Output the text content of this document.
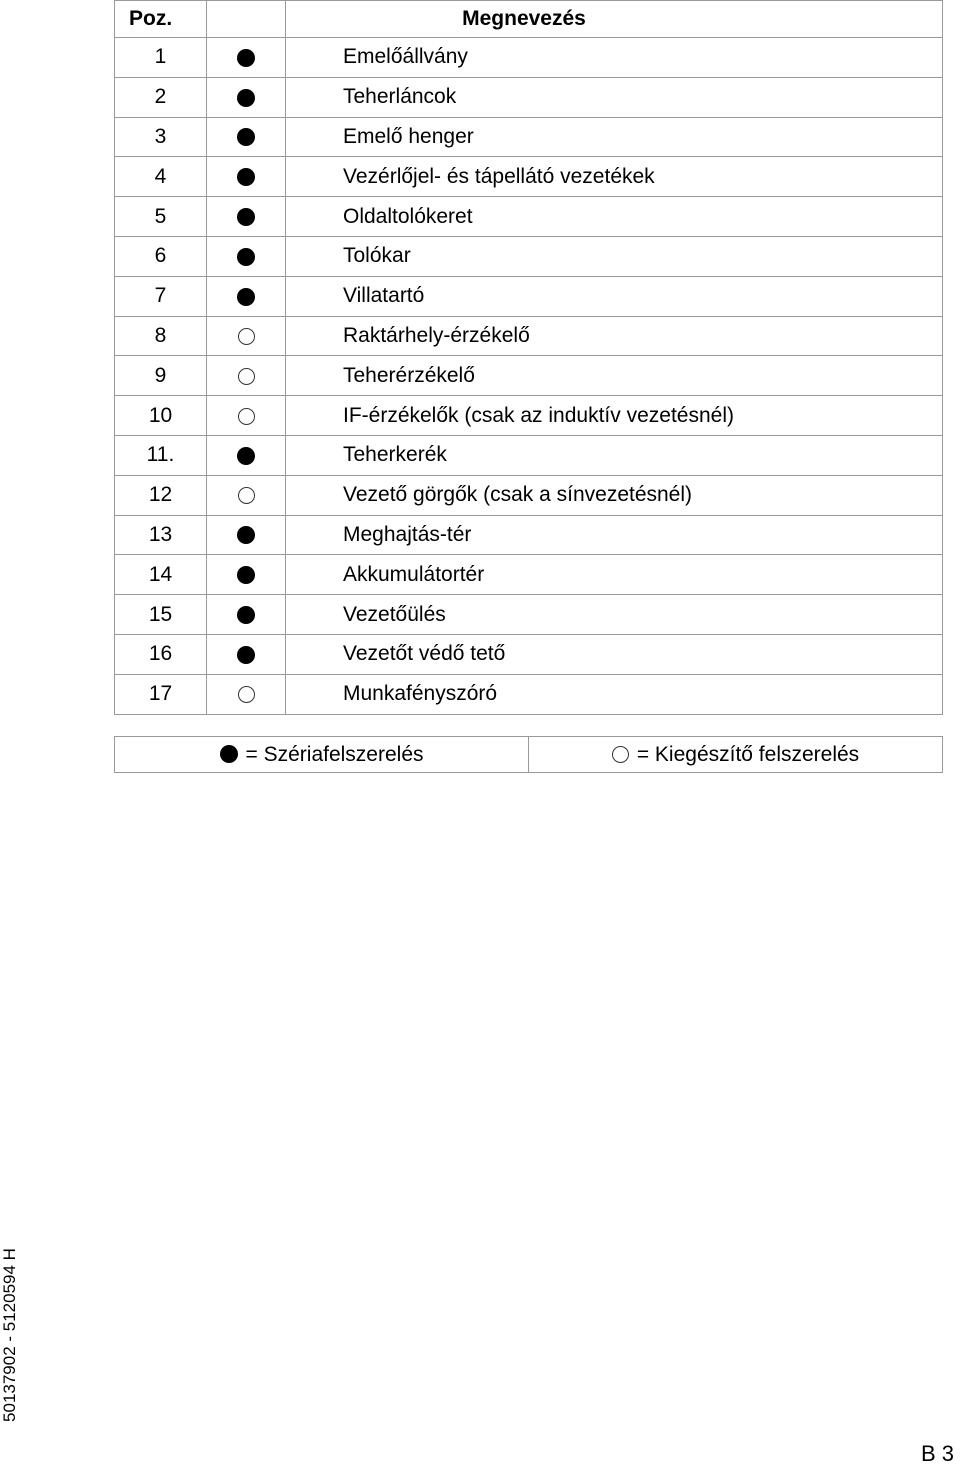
Poz.		Megnevezés
1		Emelőállvány
2		Teherláncok
3		Emelő henger
4		Vezérlőjel- és tápellátó vezetékek
5		Oldaltolókeret
6		Tolókar
7		Villatartó
8		Raktárhely-érzékelő
9		Teherérzékelő
10		IF-érzékelők (csak az induktív vezetésnél)
11.		Teherkerék
12		Vezető görgők (csak a sínvezetésnél)
13		Meghajtás-tér
14		Akkumulátortér
15		Vezetőülés
16		Vezetőt védő tető
17		Munkafényszóró
= Szériafelszerelés	= Kiegészítő felszerelés
50137902 - 5120594 H
B 3
